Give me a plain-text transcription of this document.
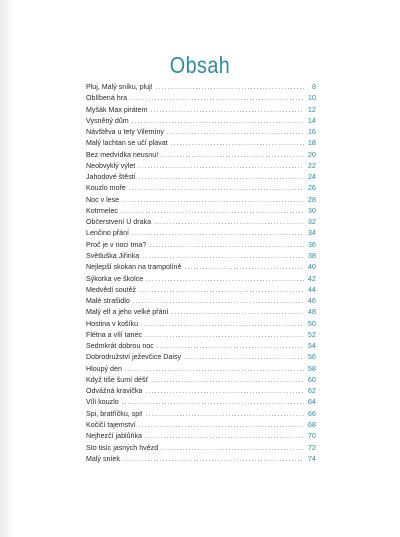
Obsah
Pluj, Malý sníku, pluj! .....	8
Oblíbená hra .....	10
Myšák Max pirátem .....	12
Vysněný dům .....	14
Návštěva u tety Vilemíny .....	16
Malý lachtan se učí plavat .....	18
Bez medvídka neusnu! .....	20
Neobvyklý výlet .....	22
Jahodové štěstí .....	24
Kouzlo moře .....	26
Noc v lese .....	28
Kotrmelec .....	30
Občerstvení U draka .....	32
Lenčino přání .....	34
Proč je v noci tma? .....	36
Světluška Jiřinka .....	38
Nejlepší skokan na trampolíně .....	40
Sýkorka ve školce .....	42
Medvědí soutěž .....	44
Malé strašidlo .....	46
Malý elf a jeho velké přání .....	48
Hostina v košíku .....	50
Flétna a vílí tanec .....	52
Sedmkrát dobrou noc .....	54
Dobrodružství ježevčice Daisy .....	56
Hloupý den .....	58
Když tiše šumí déšť .....	60
Odvážná kravička .....	62
Vílí kouzlo .....	64
Spi, bratříčku, spi! .....	66
Kočičí tajemství .....	68
Nejhezčí jablůňka .....	70
Sto tisíc jasných hvězd .....	72
Malý sníek .....	74
